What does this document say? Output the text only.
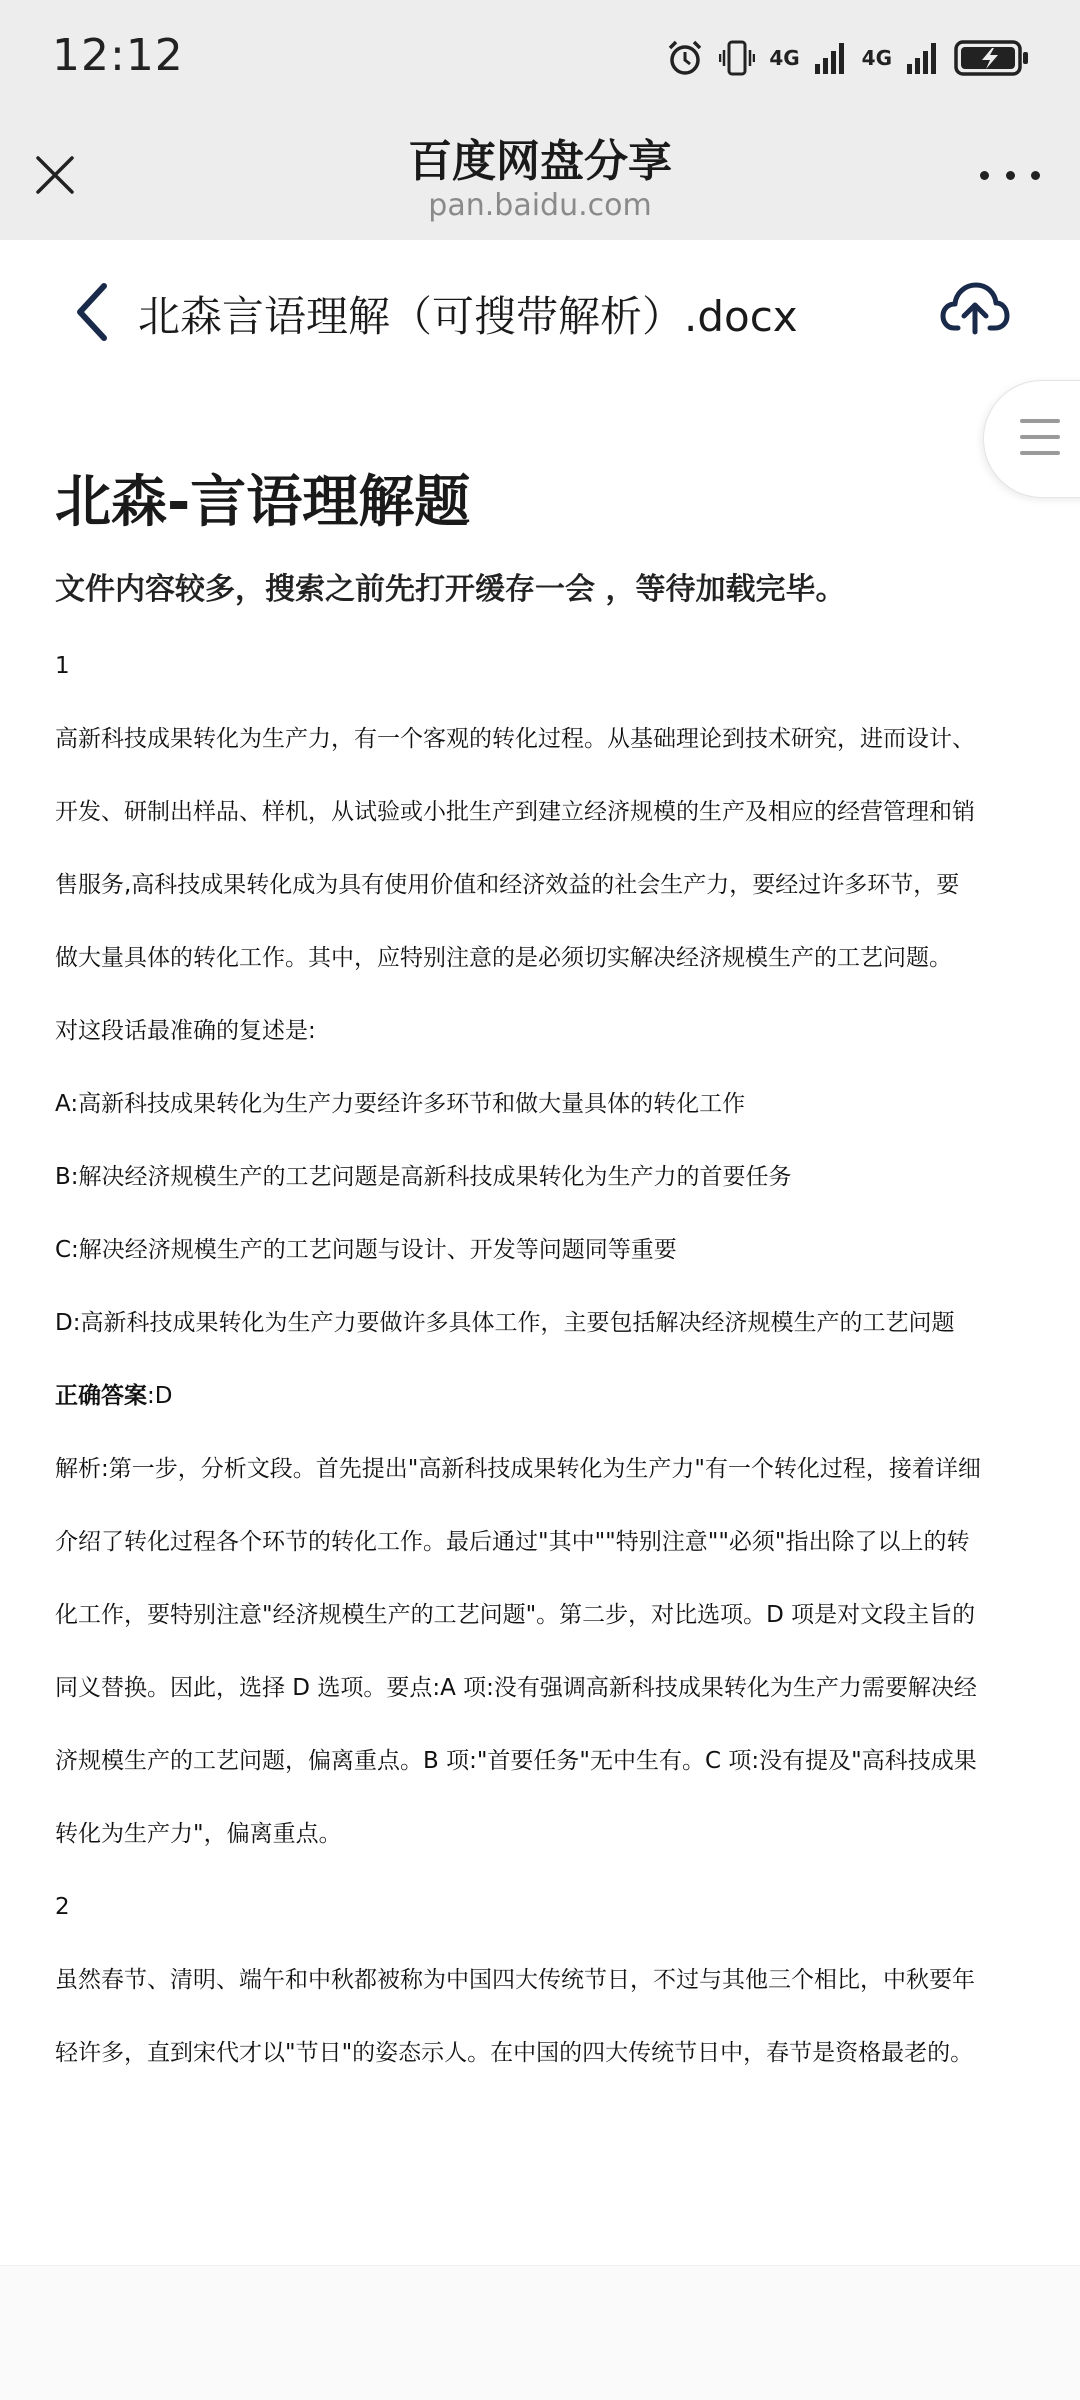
12:12	4G	4G
百度网盘分享
pan.baidu.com
北森言语理解（可搜带解析）.docx
北森-言语理解题
文件内容较多，搜索之前先打开缓存一会 ，等待加载完毕。
1

高新科技成果转化为生产力，有一个客观的转化过程。从基础理论到技术研究，进而设计、

开发、研制出样品、样机，从试验或小批生产到建立经济规模的生产及相应的经营管理和销

售服务,高科技成果转化成为具有使用价值和经济效益的社会生产力，要经过许多环节，要

做大量具体的转化工作。其中，应特别注意的是必须切实解决经济规模生产的工艺问题。

对这段话最准确的复述是:

A:高新科技成果转化为生产力要经许多环节和做大量具体的转化工作

B:解决经济规模生产的工艺问题是高新科技成果转化为生产力的首要任务

C:解决经济规模生产的工艺问题与设计、开发等问题同等重要

D:高新科技成果转化为生产力要做许多具体工作，主要包括解决经济规模生产的工艺问题

正确答案:D

解析:第一步，分析文段。首先提出"高新科技成果转化为生产力"有一个转化过程，接着详细

介绍了转化过程各个环节的转化工作。最后通过"其中""特别注意""必须"指出除了以上的转

化工作，要特别注意"经济规模生产的工艺问题"。第二步，对比选项。D 项是对文段主旨的

同义替换。因此，选择 D 选项。要点:A 项:没有强调高新科技成果转化为生产力需要解决经

济规模生产的工艺问题，偏离重点。B 项:"首要任务"无中生有。C 项:没有提及"高科技成果

转化为生产力"，偏离重点。

2

虽然春节、清明、端午和中秋都被称为中国四大传统节日，不过与其他三个相比，中秋要年

轻许多，直到宋代才以"节日"的姿态示人。在中国的四大传统节日中，春节是资格最老的。
